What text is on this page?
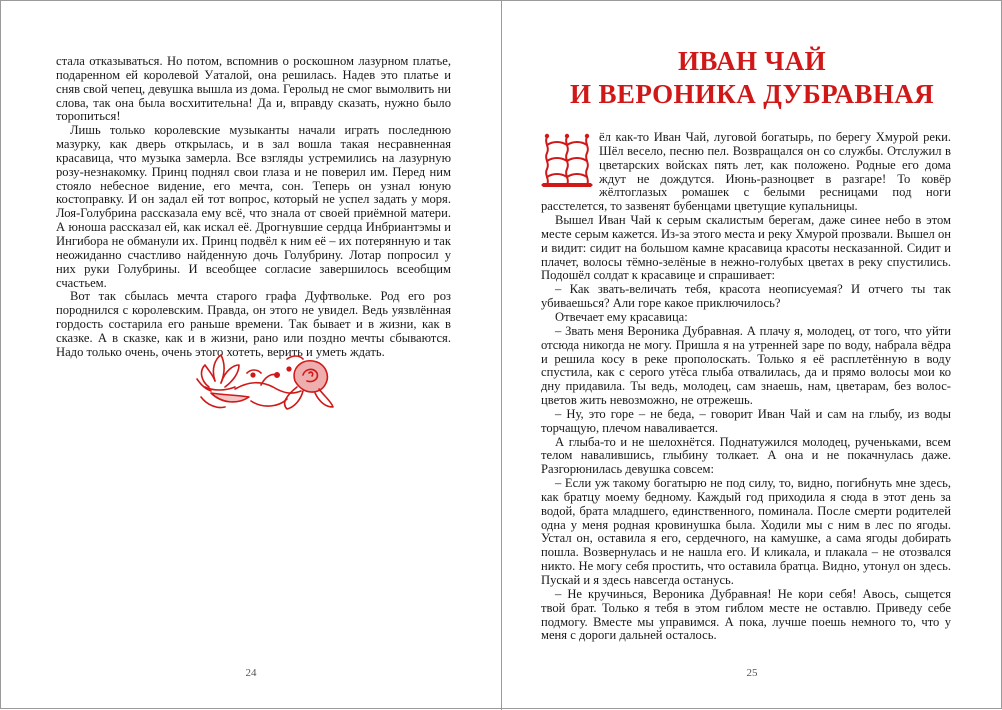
стала отказываться. Но потом, вспомнив о роскошном лазурном платье, подаренном ей королевой Уаталой, она решилась. Надев это платье и сняв свой чепец, девушка вышла из дома. Геролыд не смог вымолвить ни слова, так она была восхитительна! Да и, вправду сказать, нужно было торопиться!

Лишь только королевские музыканты начали играть последнюю мазурку, как дверь открылась, и в зал вошла такая несравненная красавица, что музыка замерла. Все взгляды устремились на лазурную розу-незнакомку. Принц поднял свои глаза и не поверил им. Перед ним стояло небесное видение, его мечта, сон. Теперь он узнал юную костоправку. И он задал ей тот вопрос, который не успел задать у моря. Лоя-Голубрина рассказала ему всё, что знала от своей приёмной матери. А юноша рассказал ей, как искал её. Дрогнувшие сердца Инбриантэмы и Ингибора не обманули их. Принц подвёл к ним её – их потерянную и так неожиданно счастливо найденную дочь Голубрину. Лотар попросил у них руки Голубрины. И всеобщее согласие завершилось всеобщим счастьем.

Вот так сбылась мечта старого графа Дуфтвольке. Род его роз породнился с королевским. Правда, он этого не увидел. Ведь уязвлённая гордость состарила его раньше времени. Так бывает и в жизни, как в сказке. А в сказке, как и в жизни, рано или поздно мечты сбываются. Надо только очень, очень этого хотеть, верить и уметь ждать.

24
ИВАН ЧАЙ
И ВЕРОНИКА ДУБРАВНАЯ

ёл как-то Иван Чай, луговой богатырь, по берегу Хмурой реки. Шёл весело, песню пел. Возвращался он со службы. Отслужил в цветарских войсках пять лет, как положено. Родные его дома ждут не дождутся. Июнь-разноцвет в разгаре! То ковёр жёлтоглазых ромашек с белыми ресницами под ноги расстелется, то зазвенят бубенцами цветущие купальницы.

Вышел Иван Чай к серым скалистым берегам, даже синее небо в этом месте серым кажется. Из-за этого места и реку Хмурой прозвали. Вышел он и видит: сидит на большом камне красавица красоты несказанной. Сидит и плачет, волосы тёмно-зелёные в нежно-голубых цветах в реку спустились. Подошёл солдат к красавице и спрашивает:

– Как звать-величать тебя, красота неописуемая? И отчего ты так убиваешься? Али горе какое приключилось?

Отвечает ему красавица:

– Звать меня Вероника Дубравная. А плачу я, молодец, от того, что уйти отсюда никогда не могу. Пришла я на утренней заре по воду, набрала вёдра и решила косу в реке прополоскать. Только я её расплетённую в воду спустила, как с серого утёса глыба отвалилась, да и прямо волосы мои ко дну придавила. Ты ведь, молодец, сам знаешь, нам, цветарам, без волос-цветов жить невозможно, не отрежешь.

– Ну, это горе – не беда, – говорит Иван Чай и сам на глыбу, из воды торчащую, плечом наваливается.

А глыба-то и не шелохнётся. Поднатужился молодец, рученьками, всем телом навалившись, глыбину толкает. А она и не покачнулась даже. Разгорюнилась девушка совсем:

– Если уж такому богатырю не под силу, то, видно, погибнуть мне здесь, как братцу моему бедному. Каждый год приходила я сюда в этот день за водой, брата младшего, единственного, поминала. После смерти родителей одна у меня родная кровинушка была. Ходили мы с ним в лес по ягоды. Устал он, оставила я его, сердечного, на камушке, а сама ягоды добирать пошла. Возвернулась и не нашла его. И кликала, и плакала – не отозвался никто. Не могу себя простить, что оставила братца. Видно, утонул он здесь. Пускай и я здесь навсегда останусь.

– Не кручинься, Вероника Дубравная! Не кори себя! Авось, сыщется твой брат. Только я тебя в этом гиблом месте не оставлю. Приведу себе подмогу. Вместе мы управимся. А пока, лучше поешь немного то, что у меня с дороги дальней осталось.

25
